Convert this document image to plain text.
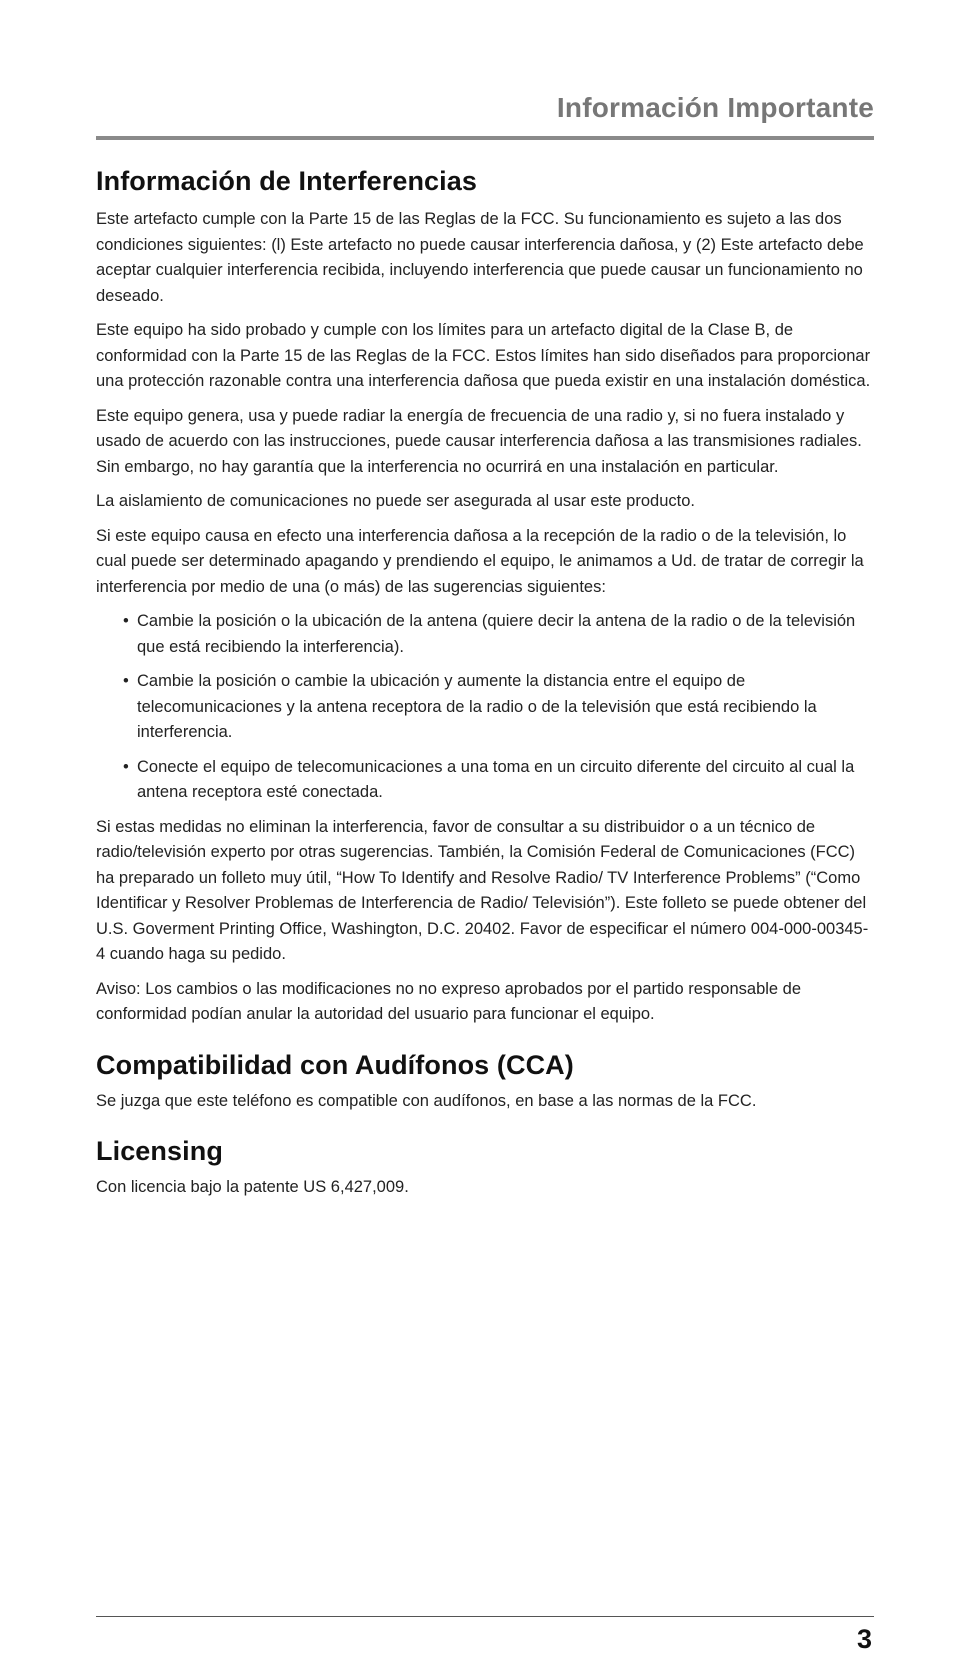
Información Importante
Información de Interferencias

Este artefacto cumple con la Parte 15 de las Reglas de la FCC. Su funcionamiento es sujeto a las dos condiciones siguientes: (l) Este artefacto no puede causar interferencia dañosa, y (2) Este artefacto debe aceptar cualquier interferencia recibida, incluyendo interferencia que puede causar un funcionamiento no deseado.

Este equipo ha sido probado y cumple con los límites para un artefacto digital de la Clase B, de conformidad con la Parte 15 de las Reglas de la FCC. Estos límites han sido diseñados para proporcionar una protección razonable contra una interferencia dañosa que pueda existir en una instalación doméstica.

Este equipo genera, usa y puede radiar la energía de frecuencia de una radio y, si no fuera instalado y usado de acuerdo con las instrucciones, puede causar interferencia dañosa a las transmisiones radiales. Sin embargo, no hay garantía que la interferencia no ocurrirá en una instalación en particular.

La aislamiento de comunicaciones no puede ser asegurada al usar este producto.

Si este equipo causa en efecto una interferencia dañosa a la recepción de la radio o de la televisión, lo cual puede ser determinado apagando y prendiendo el equipo, le animamos a Ud. de tratar de corregir la interferencia por medio de una (o más) de las sugerencias siguientes:

• Cambie la posición o la ubicación de la antena (quiere decir la antena de la radio o de la televisión que está recibiendo la interferencia).
• Cambie la posición o cambie la ubicación y aumente la distancia entre el equipo de telecomunicaciones y la antena receptora de la radio o de la televisión que está recibiendo la interferencia.
• Conecte el equipo de telecomunicaciones a una toma en un circuito diferente del circuito al cual la antena receptora esté conectada.

Si estas medidas no eliminan la interferencia, favor de consultar a su distribuidor o a un técnico de radio/televisión experto por otras sugerencias. También, la Comisión Federal de Comunicaciones (FCC) ha preparado un folleto muy útil, “How To Identify and Resolve Radio/ TV Interference Problems” (“Como Identificar y Resolver Problemas de Interferencia de Radio/ Televisión”). Este folleto se puede obtener del U.S. Goverment Printing Office, Washington, D.C. 20402. Favor de especificar el número 004-000-00345-4 cuando haga su pedido.

Aviso: Los cambios o las modificaciones no no expreso aprobados por el partido responsable de conformidad podían anular la autoridad del usuario para funcionar el equipo.

Compatibilidad con Audífonos (CCA)

Se juzga que este teléfono es compatible con audífonos, en base a las normas de la FCC.

Licensing

Con licencia bajo la patente US 6,427,009.

3
